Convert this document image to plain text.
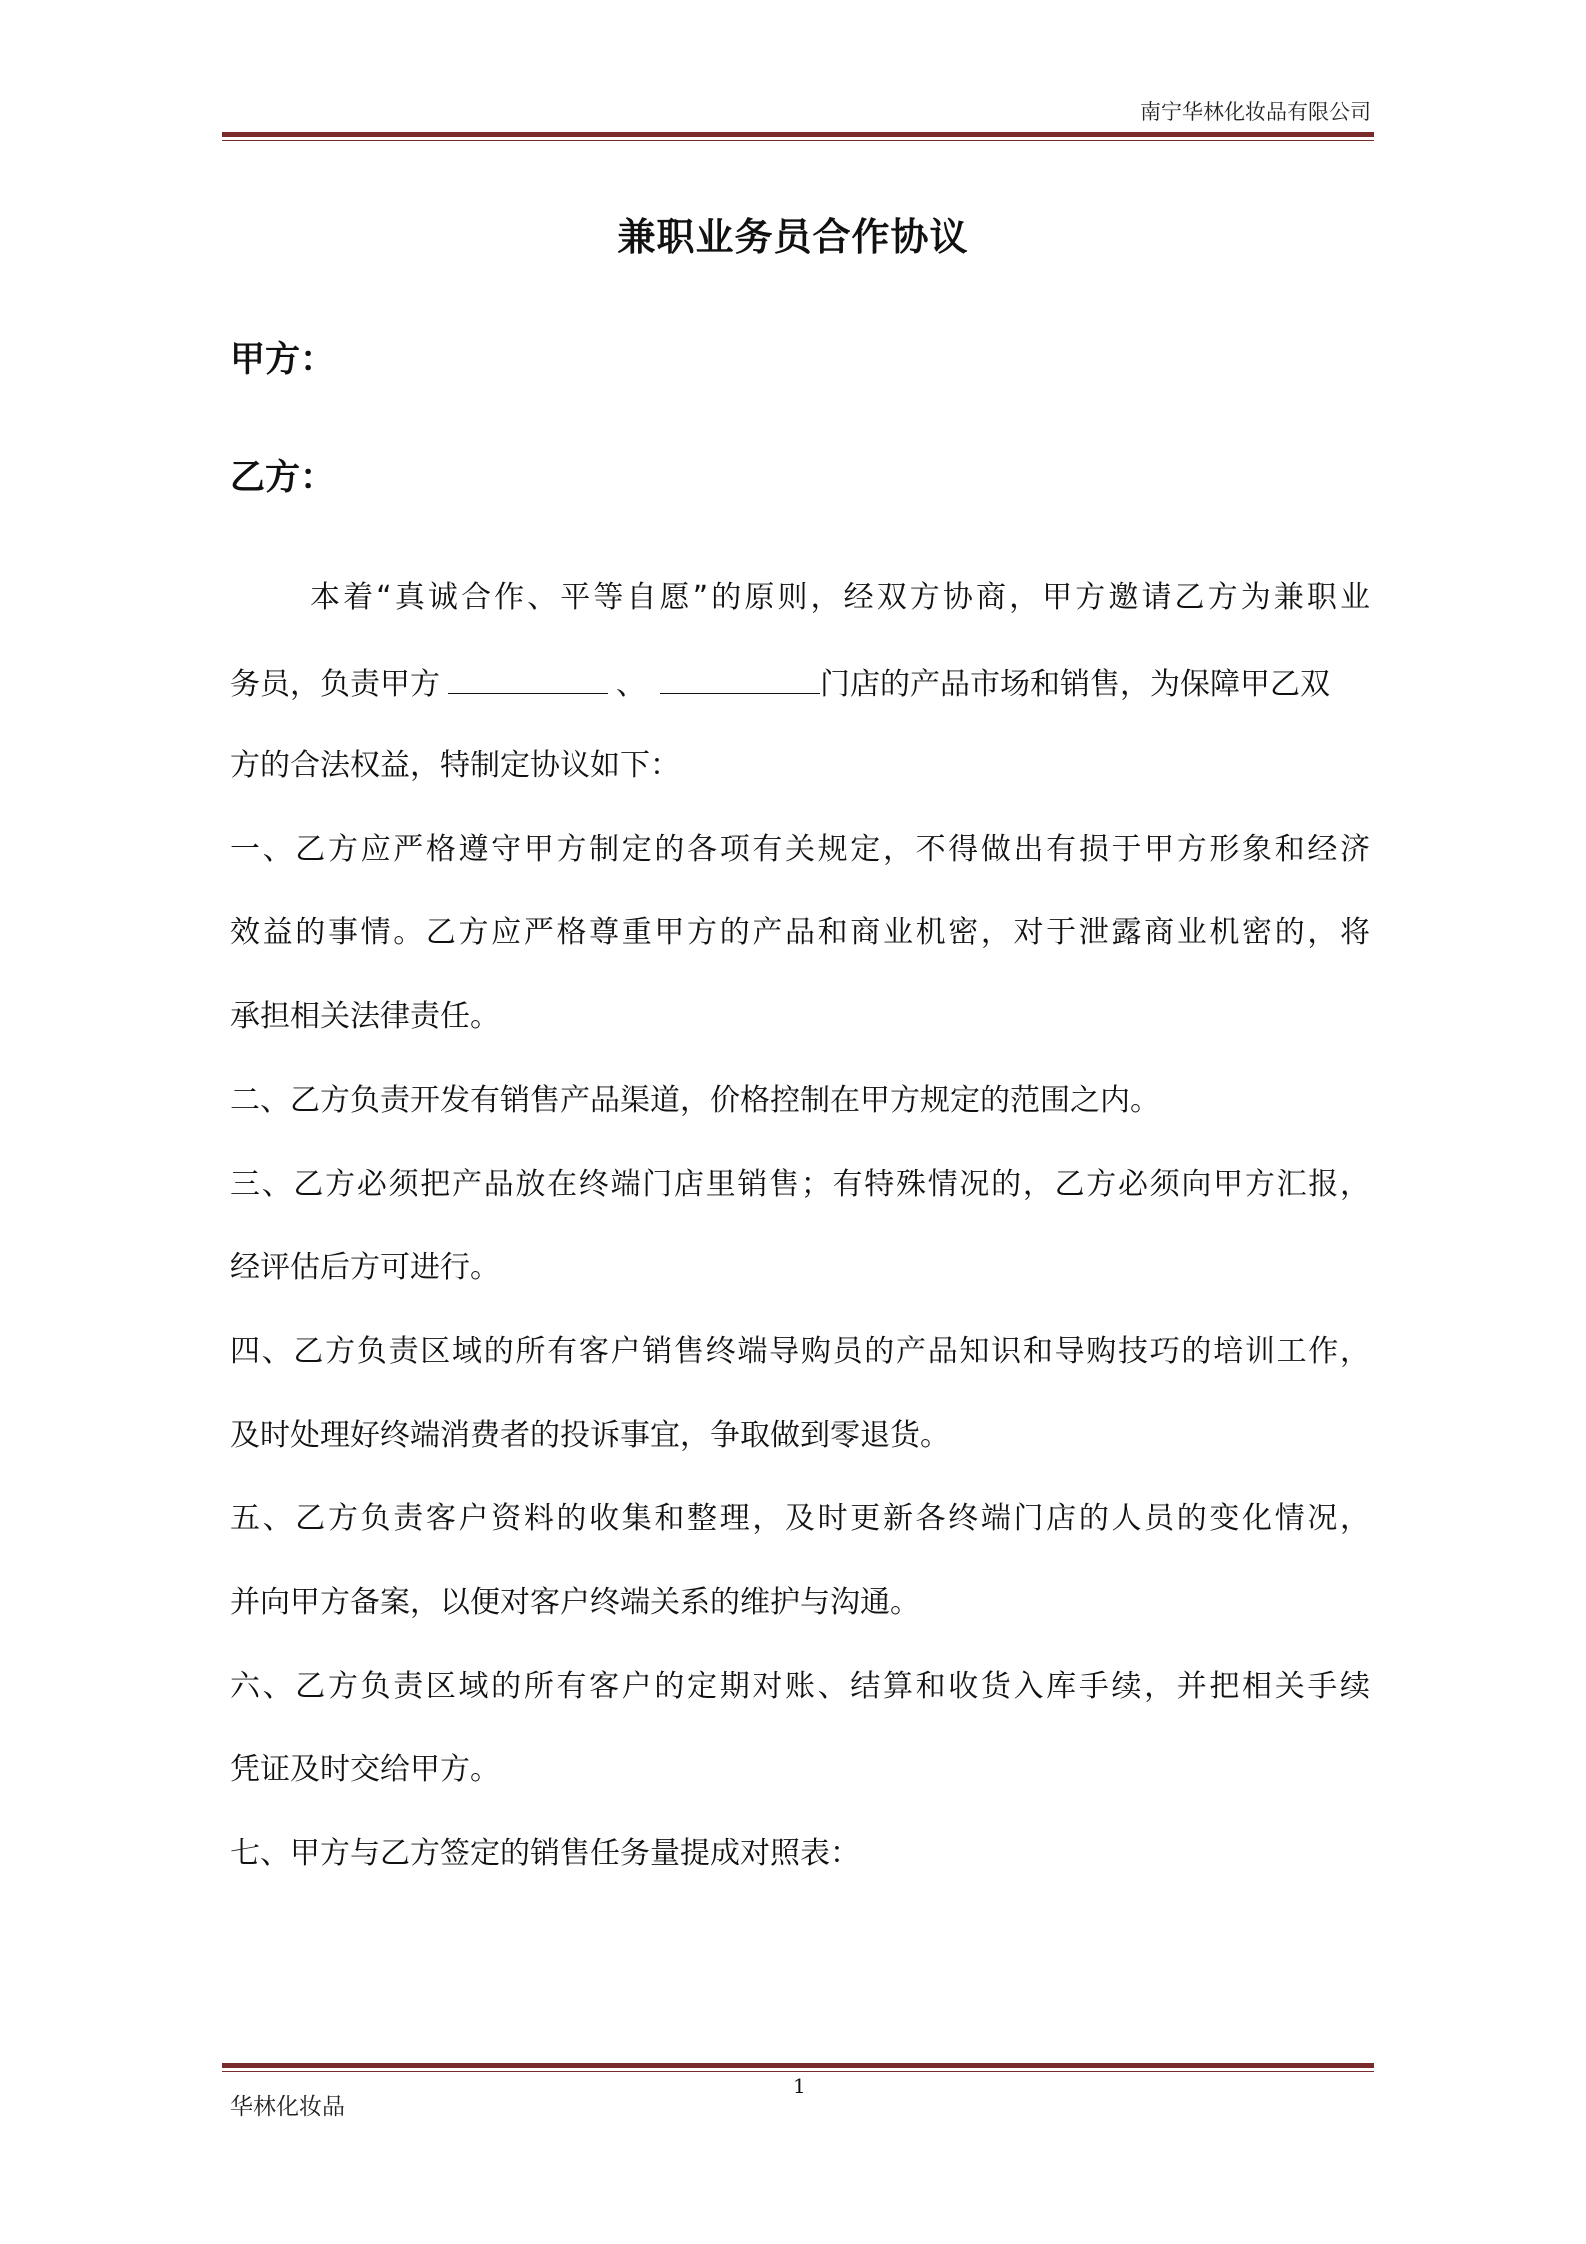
南宁华林化妆品有限公司
兼职业务员合作协议
甲方：
乙方：
本着“真诚合作、平等自愿”的原则，经双方协商，甲方邀请乙方为兼职业
务员，负责甲方	、	门店的产品市场和销售，为保障甲乙双
方的合法权益，特制定协议如下：
一、乙方应严格遵守甲方制定的各项有关规定，不得做出有损于甲方形象和经济
效益的事情。乙方应严格尊重甲方的产品和商业机密，对于泄露商业机密的，将
承担相关法律责任。
二、乙方负责开发有销售产品渠道，价格控制在甲方规定的范围之内。
三、乙方必须把产品放在终端门店里销售；有特殊情况的，乙方必须向甲方汇报，
经评估后方可进行。
四、乙方负责区域的所有客户销售终端导购员的产品知识和导购技巧的培训工作，
及时处理好终端消费者的投诉事宜，争取做到零退货。
五、乙方负责客户资料的收集和整理，及时更新各终端门店的人员的变化情况，
并向甲方备案，以便对客户终端关系的维护与沟通。
六、乙方负责区域的所有客户的定期对账、结算和收货入库手续，并把相关手续
凭证及时交给甲方。
七、甲方与乙方签定的销售任务量提成对照表：
1
华林化妆品
